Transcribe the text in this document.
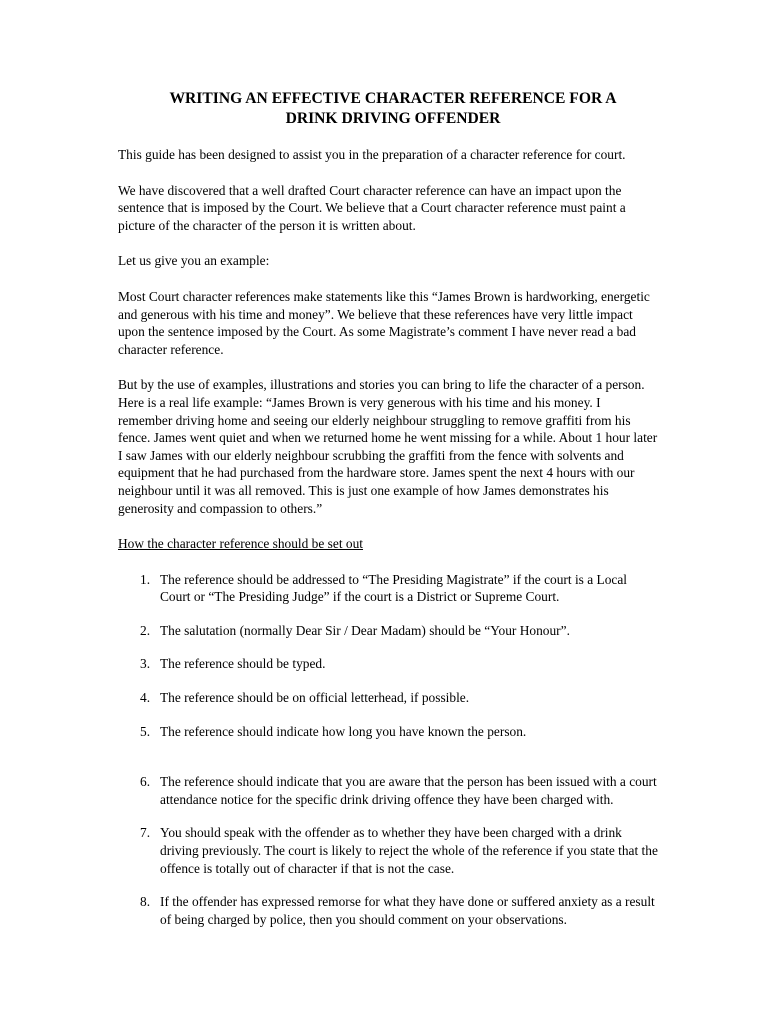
WRITING AN EFFECTIVE CHARACTER REFERENCE FOR A
DRINK DRIVING OFFENDER

This guide has been designed to assist you in the preparation of a character reference for court.

We have discovered that a well drafted Court character reference can have an impact upon the sentence that is imposed by the Court. We believe that a Court character reference must paint a picture of the character of the person it is written about.

Let us give you an example:

Most Court character references make statements like this “James Brown is hardworking, energetic and generous with his time and money”. We believe that these references have very little impact upon the sentence imposed by the Court. As some Magistrate’s comment I have never read a bad character reference.

But by the use of examples, illustrations and stories you can bring to life the character of a person. Here is a real life example: “James Brown is very generous with his time and his money. I remember driving home and seeing our elderly neighbour struggling to remove graffiti from his fence. James went quiet and when we returned home he went missing for a while. About 1 hour later I saw James with our elderly neighbour scrubbing the graffiti from the fence with solvents and equipment that he had purchased from the hardware store. James spent the next 4 hours with our neighbour until it was all removed. This is just one example of how James demonstrates his generosity and compassion to others.”

How the character reference should be set out
1. The reference should be addressed to “The Presiding Magistrate” if the court is a Local Court or “The Presiding Judge” if the court is a District or Supreme Court.
2. The salutation (normally Dear Sir / Dear Madam) should be “Your Honour”.
3. The reference should be typed.
4. The reference should be on official letterhead, if possible.
5. The reference should indicate how long you have known the person.
6. The reference should indicate that you are aware that the person has been issued with a court attendance notice for the specific drink driving offence they have been charged with.
7. You should speak with the offender as to whether they have been charged with a drink driving previously. The court is likely to reject the whole of the reference if you state that the offence is totally out of character if that is not the case.
8. If the offender has expressed remorse for what they have done or suffered anxiety as a result of being charged by police, then you should comment on your observations.
